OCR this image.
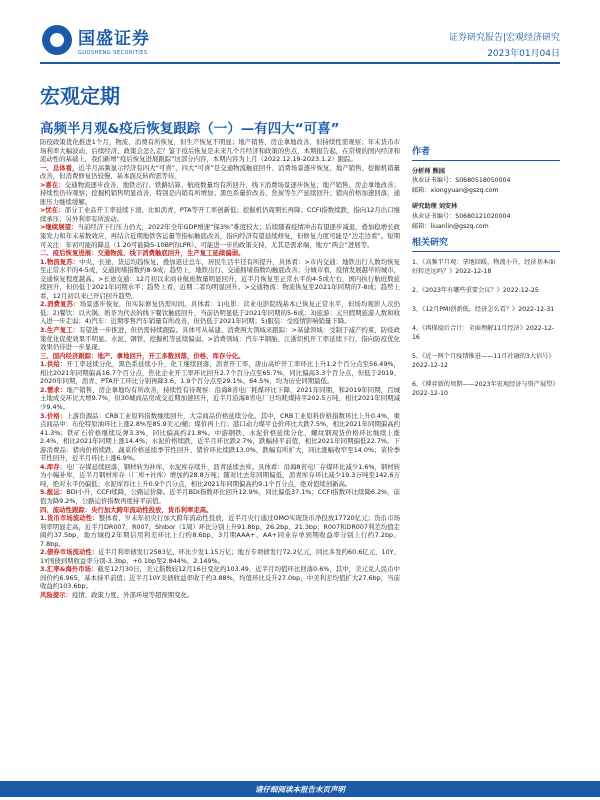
国盛证券
GUOSHENG SECURITIES
证券研究报告|宏观经济研究
2023年01月04日
宏观定期
高频半月观&疫后恢复跟踪（一）—有四大“可喜”

防疫政策优化推进1个月，物流、消费有所恢复，但生产恢复不明显；地产销售、房企拿地改善，但持续性需观察；年末货币市场利率大幅波动，后续经济、政策会怎么走？鉴于疫后恢复是未来几个月经济和政策的焦点，本期报告起，在常规的国内经济和流动性的基础上，我们新增“疫后恢复进展跟踪”这部分内容，本期内容为上月（2022.12.19-2023.1.2）跟踪。

一、总体看，近半月高频显示经济有四大“可喜”，四大“可喜”是交通物流触底回升、消费场景逐步恢复，地产销售、挖掘机销量改善，但消费修复仍较慢、基本面反转尚需等待。

>喜在：交通物流逐步改善、地铁出行、铁路结算、航班数量均有所回升，线下消费场景逐步恢复；地产销售、房企拿地改善；持续性仍待观察；挖掘机销售明显改善，特别是内销有所增加；黑色系量价改善、焦炭等生产延续回升；猪肉价格加速回落，通胀压力继续缓解。

>忧在：部分工业品开工率延续下滑、比如沥青、PTA等开工率创新低；挖掘机仍周期长再降；CCFI指数续跌，指向12月出口继续承压；另外利率有所波动。

>继续展望：当前经济下行压力仍大，2022年全年GDP增速“保3%”难度较大；后续随着疫情冲击有望逐步减退，叠加稳增长政策发力和年末基数效应，再结合近期地铁客运量等指标触底改善，指向经济有望延续修复，但修复力度可能是“边走边看”。短期可关注：年初可能的降息（1.20可能降5-10BP的LPR）、可能进一步的政策支持，尤其是需求端，地方“两会”进展等。

二、疫后恢复进展：交通物流、线下消费触底回升，生产复工延续偏弱。

1.物流复苏：中央、长途、货运均趋恢复，叠加返迁总车，居民生活半径有所提升，具体看：>市内交通：地铁出行人数均恢复至正常水平的4-5成，交通拥堵指数约8-9成；趋势上，地铁出行、交通拥堵指数均触底改善；分城市看，疫情发展越早的城市，交通恢复程度越高。>长途交通：12月初以来商业航班数量明显回升，近半月恢复至正常水平的4-5成左右，国内执行航班数延续回升，但仍低于2021年同期水平；趋势上看，近期二者均明显回升。>交通物流：物流恢复至2021年同期的7-8成；趋势上看，12月初以来已开启回升趋势。

2.消费复苏：场景逐步恢复，但实际修复仍需时间。具体看：1)电影：营业电影院线基本已恢复正常水平，但场均观影人次仍低；2)餐饮：以火锅、奶茶为代表的线下餐饮触底回升，当前仍明显低于2021年同期的5-6成；3)旅游：元旦假期旅游人数和收入进一步走弱；4)汽车：近期零售汽车销量有所改善，但仍低于2021年同期；5)服装：受疫情影响销量下降。

3.生产复工：有望进一步推进、但仍需持续跟踪。具体可从基建、消费两大领域来跟踪：>基建领域：受制于减产约束，防疫政策优化促使效果不明显。水泥、钢铁、挖掘机等延续偏弱。>消费领域：汽车半钢胎、江浙织机开工率延续下行，指向防疫优化效果仍待进一步显现。

三、国内经济跟踪：地产、拿地回升，开工多数回落，价格、库存分化。

1.供给：开工率延续分化，黑色系延续小升，化工继续回落，沥青开工率，唐山高炉开工率环比上升1.2个百分点至56.49%，相比2021年同期偏高16.7个百分点，焦化企业开工率环比回升2.7个百分点至65.7%，同比偏高3.3个百分点，但低于2019、2020年同期，沥青、PTA开工环比分别再降3.6、1.9个百分点至29.1%、64.5%，均为历史同期最低。

2.需求：地产销售、房企拿地均有所改善，持续性有待观察：沿海8省电厂耗煤环比下降，2021年同期，和2019年同期，百城土地成交环比大增9.7%，但30城商品房成交近期加速回升，近半月沿海8省电厂日均耗煤持平202.5万吨，相比2021年同期减少9.4%。

3.价格：上游资源品：CRB工业原料指数继续回升，大宗商品价格延续分化。其中，CRB工业原料价格指数环比上升0.4%，重点商品中：布伦特原油环比上涨2.8%至85.9美元/桶；煤价再上行；港口动力煤平仓价环比大跌7.5%，相比2021年同期偏高约41.3%；铁矿石价格继续反弹3.3%，同比偏高约21.8%。中游钢铁、水泥价格延续分化，螺纹钢现货价格环比继续上涨2.4%，相比2021年同期上涨14.4%；水泥价格续跌，近半月环比跌2.7%，跌幅持平前值，相比2021年同期偏低22.7%。下游消费品：猪肉价格续跌、蔬菜价格延续季节性回升，猪价环比续跌13.0%，跌幅有所扩大，同比涨幅收窄至14.0%；菜价季节性回升，近半月环比上涨6.9%。

4.库存：电厂存煤延续回落，钢材转为补库、水泥库存续升、沥青延续去库。具体看：沿海8省电厂存煤环比减少1.6%，钢材转为小幅补库，近半月钢材库存（厂库+社库）增加约28.8万吨；随对比去年同期偏低，沥青库存环比减少19.3万吨至142.6万吨，绝对水平仍偏低；水泥库容比上升0.9个百分点，相比2021年同期偏高约9.1个百分点，绝对值续创新高。

5.航运：BDI小升，CCFI续降，公路运价降。近半月BDI指数环比回升12.9%，同比偏低37.1%；CCFI指数环比续降6.2%，前值为降9.2%，公路运价指数再度持平前值。

四、流动性跟踪：央行加大跨年流动性投放，货币利率走高。

1.货币市场流动性：整体看，岁末年初央行加大跨年流动性投放，近半月央行通过OMO实现货币净投放17720亿元；货币市场利率明显走高，近半月DR007、R007、Shibor（1周）环比分别上升91.8bp、26.2bp、21.3bp；R007和DR007利差均值走阔约37.5bp，地方城投2年期信用利差环比上行约8.6bp，3月期AAA+、AA+同业存单到期收益率分别上行约7.2bp、7.8bp。

2.债券市场流动性：近半月利率债发行2583亿，环比少发1.15万亿；地方专项债发行72.2亿元，同比多发约60.6亿元，10Y、1Y国债到期收益率分别-3.3bp、+0.1bp至2.844%、2.149%。

3.汇率&海外市场：截至12月30日，美元指数较12月16日变化约103.49，近半月均值环比回落0.6%，其中，美元兑人民币中间价约6.965，基本持平前值；近半月10Y美债收益率收于约3.88%，均值环比反升27.0bp，中美利差均值扩大27.6bp，当前收益约103.6bp。

风险提示：疫情、政策力度、外部环境等超预期变化。

作者
分析师 熊园
执业证书编号：S0680518050004
邮箱：xiongyuan@gszq.com
研究助理 刘安林
执业证书编号：S0680121020004
邮箱：liuanlin@gszq.com
相关研究
1、《高频半月观：拿地回暖，物流小升，经济基本面好转还远吗？》2022-12-18
2、《2023年有哪些重要会议？》2022-12-25
3、《12月PMI创新低，经济怎么看？》2022-12-31
4、《再探疫后合计：全面理解11月经济》2022-12-16
5、《近一两个月疫情推进——11月社融的3大信号》2022-12-12
6、《博弈新的周期——2023年宏观经济与资产展望》2022-12-10
请仔细阅读本报告末页声明
